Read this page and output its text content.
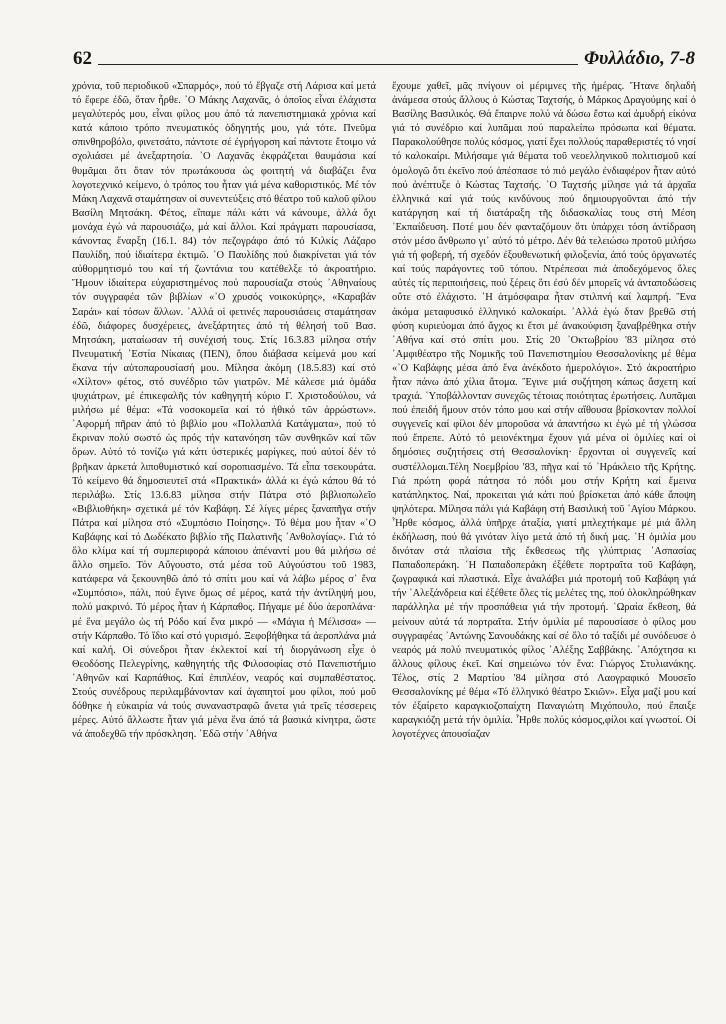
62	Φυλλάδιο, 7-8

χρόνια, τοῦ περιοδικοῦ «Σπαρμός», πού τό ἔβγαζε στή Λάρισα καί μετά τό ἔφερε ἐδῶ, ὅταν ἦρθε. ᾿Ο Μάκης Λαχανᾶς, ὁ ὁποῖος εἶναι ἐλάχιστα μεγαλύτερός μου, εἶναι φίλος μου ἀπό τά πανεπιστημιακά χρόνια καί κατά κάποιο τρόπο πνευματικός ὁδηγητής μου, γιά τότε. Πνεῦμα σπινθηροβόλο, φινετσάτο, πάντοτε σέ ἐγρήγορση καί πάντοτε ἕτοιμο νά σχολιάσει μέ ἀνεξαρτησία. ᾿Ο Λαχανᾶς ἐκφράζεται θαυμάσια καί θυμᾶμαι ὅτι ὅταν τόν πρωτάκουσα ὡς φοιτητή νά διαβάζει ἕνα λογοτεχνικό κείμενο, ὁ τρόπος του ἦταν γιά μένα καθοριστικός. Μέ τόν Μάκη Λαχανᾶ σταμάτησαν οἱ συνεντεύξεις στό θέατρο τοῦ καλοῦ φίλου Βασίλη Μητσάκη. Φέτος, εἴπαμε πάλι κάτι νά κάνουμε, ἀλλά ὅχι μονάχα ἐγώ νά παρουσιάζω, μά καί ἄλλοι. Καί πράγματι παρουσίασα, κάνοντας ἔναρξη (16.1. 84) τόν πεζογράφο ἀπό τό Κιλκίς Λάζαρο Παυλίδη, πού ἰδιαίτερα ἐκτιμῶ. ᾿Ο Παυλίδης πού διακρίνεται γιά τόν αὐθορμητισμό του καί τή ζωντάνια του κατέθελξε τό ἀκροατήριο. Ἤμουν ἰδιαίτερα εὐχαριστημένος πού παρουσίαζα στούς ᾿Αθηναίους τόν συγγραφέα τῶν βιβλίων «᾿Ο χρυσός νοικοκύρης», «Καραβάν Σαράι» καί τόσων ἄλλων. ᾿Αλλά οἱ φετινές παρουσιάσεις σταμάτησαν ἐδῶ, διάφορες δυσχέρειες, ἀνεξάρτητες ἀπό τή θέλησή τοῦ Βασ. Μητσάκη, ματαίωσαν τή συνέχισή τους. Στίς 16.3.83 μίλησα στήν Πνευματική ᾿Εστία Νίκαιας (ΠΕΝ), ὅπου διάβασα κείμενά μου καί ἔκανα τήν αὐτοπαρουσίασή μου. Μίλησα ἀκόμη (18.5.83) καί στό «Χίλτον» φέτος, στό συνέδριο τῶν γιατρῶν. Μέ κάλεσε μιά ὁμάδα ψυχιάτρων, μέ ἐπικεφαλῆς τόν καθηγητή κύριο Γ. Χριστοδούλου, νά μιλήσω μέ θέμα: «Τά νοσοκομεῖα καί τό ἠθικό τῶν ἀρρώστων». ᾿Αφορμή πῆραν ἀπό τό βιβλίο μου «Πολλαπλά Κατάγματα», πού τό ἔκριναν πολύ σωστό ὡς πρός τήν κατανόηση τῶν συνθηκῶν καί τῶν ὅρων. Αὐτό τό τονίζω γιά κάτι ὑστερικές μαρίγκες, πού αὐτοί δέν τό βρῆκαν ἀρκετά λιποθυμιστικό καί σοροπιασμένο. Τά εἶπα τσεκουράτα. Τό κείμενο θά δημοσιευτεῖ στά «Πρακτικά» ἀλλά κι ἐγώ κάπου θά τό περιλάβω. Στίς 13.6.83 μίλησα στήν Πάτρα στό βιβλιοπωλεῖο «Βιβλιοθήκη» σχετικά μέ τόν Καβάφη. Σέ λίγες μέρες ξαναπῆγα στήν Πάτρα καί μίλησα στό «Συμπόσιο Ποίησης». Τό θέμα μου ἦταν «᾿Ο Καβάφης καί τό Δωδέκατο βιβλίο τῆς Παλατινῆς ᾿Ανθολογίας». Γιά τό ὅλο κλίμα καί τή συμπεριφορά κάποιου ἀπέναντί μου θά μιλήσω σέ ἄλλο σημεῖο. Τόν Αὔγουστο, στά μέσα τοῦ Αὐγούστου τοῦ 1983, κατάφερα νά ξεκουνηθῶ ἀπό τό σπίτι μου καί νά λάβω μέρος σ᾿ ἕνα «Συμπόσιο», πάλι, πού ἔγινε ὅμως σέ μέρος, κατά τήν ἀντίληψή μου, πολύ μακρινό. Τό μέρος ἦταν ἡ Κάρπαθος. Πήγαμε μέ δύο ἀεροπλάνα· μέ ἕνα μεγάλο ὡς τή Ρόδο καί ἕνα μικρό — «Μάγια ἡ Μέλισσα» — στήν Κάρπαθο. Τό ἴδιο καί στό γυρισμό. Ξεφοβήθηκα τά ἀεροπλάνα μιά καί καλή. Οἱ σύνεδροι ἦταν ἐκλεκτοί καί τή διοργάνωση εἶχε ὁ Θεοδόσης Πελεγρίνης, καθηγητής τῆς Φιλοσοφίας στό Πανεπιστήμιο ᾿Αθηνῶν καί Καρπάθιος. Καί ἐπιπλέον, νεαρός καί συμπαθέστατος. Στούς συνέδρους περιλαμβάνονταν καί ἀγαπητοί μου φίλοι, πού μοῦ δόθηκε ἡ εὐκαιρία νά τούς συναναστραφῶ ἄνετα γιά τρεῖς τέσσερεις μέρες. Αὐτό ἄλλωστε ἦταν γιά μένα ἕνα ἀπό τά βασικά κίνητρα, ὥστε νά ἀποδεχθῶ τήν πρόσκληση. ᾿Εδῶ στήν ᾿Αθήνα

ἔχουμε χαθεῖ, μᾶς πνίγουν οἱ μέριμνες τῆς ἡμέρας. Ἤτανε δηλαδή ἀνάμεσα στούς ἄλλους ὁ Κώστας Ταχτσής, ὁ Μάρκος Δραγούμης καί ὁ Βασίλης Βασιλικός. Θά ἔπαιρνε πολύ νά δώσω ἔστω καί ἀμυδρή εἰκόνα γιά τό συνέδριο καί λυπᾶμαι πού παραλείπω πρόσωπα καί θέματα. Παρακολούθησε πολύς κόσμος, γιατί ἔχει πολλούς παραθεριστές τό νησί τό καλοκαίρι. Μιλήσαμε γιά θέματα τοῦ νεοελληνικοῦ πολιτισμοῦ καί ὁμολογῶ ὅτι ἐκεῖνο πού ἀπέσπασε τό πιό μεγάλο ἐνδιαφέρον ἦταν αὐτό πού ἀνέπτυξε ὁ Κώστας Ταχτσής. ᾿Ο Ταχτσής μίλησε γιά τά ἀρχαῖα ἑλληνικά καί γιά τούς κινδύνους πού δημιουργοῦνται ἀπό τήν κατάργηση καί τή διατάραξη τῆς διδασκαλίας τους στή Μέση ᾿Εκπαίδευση. Ποτέ μου δέν φανταζόμουν ὅτι ὑπάρχει τόση ἀντίδραση στόν μέσο ἄνθρωπο γι᾿ αὐτό τό μέτρο. Δέν θά τελειώσω προτοῦ μιλήσω γιά τή φοβερή, τή σχεδόν ἐξουθενωτική φιλοξενία, ἀπό τούς ὀργανωτές καί τούς παράγοντες τοῦ τόπου. Ντρέπεσαι πιά ἀποδεχόμενος ὅλες αὐτές τίς περιποιήσεις, πού ξέρεις ὅτι ἐσύ δέν μπορεῖς νά ἀνταποδώσεις οὔτε στό ἐλάχιστο. ῾Η ἀτμόσφαιρα ἦταν στιλπνή καί λαμπρή. Ἕνα ἀκόμα μεταφυσικό ἑλληνικό καλοκαίρι. ᾿Αλλά ἐγώ δταν βρεθῶ στή φύση κυριεύομαι ἀπό ἄγχος κι ἔτσι μέ ἀνακούφιση ξαναβρέθηκα στήν ᾿Αθήνα καί στό σπίτι μου. Στίς 20 ᾿Οκτωβρίου '83 μίλησα στό ᾿Αμφιθέατρο τῆς Νομικῆς τοῦ Πανεπιστημίου Θεσσαλονίκης μέ θέμα «᾿Ο Καβάφης μέσα ἀπό ἕνα ἀνέκδοτο ἡμερολόγιο». Στό ἀκροατήριο ἦταν πάνω ἀπό χίλια ἄτομα. Ἔγινε μιά συζήτηση κάπως ἄσχετη καί τραχιά. ῾Υποβάλλονταν συνεχῶς τέτοιας ποιότητας ἐρωτήσεις. Λυπᾶμαι πού ἐπειδή ἤμουν στόν τόπο μου καί στήν αἴθουσα βρίσκονταν πολλοί συγγενεῖς καί φίλοι δέν μποροῦσα νά ἀπαντήσω κι ἐγώ μέ τή γλώσσα πού ἔπρεπε. Αὐτό τό μειονέκτημα ἔχουν γιά μένα οἱ ὁμιλίες καί οἱ δημόσιες συζητήσεις στή Θεσσαλονίκη· ἔρχονται οἱ συγγενεῖς καί συστέλλομαι.Τέλη Νοεμβρίου '83, πῆγα καί τό ᾿Ηράκλειο τῆς Κρήτης. Γιά πρώτη φορά πάτησα τό πόδι μου στήν Κρήτη καί ἔμεινα κατάπληκτος. Ναί, προκειται γιά κάτι πού βρίσκεται ἀπό κάθε ἄποψη ψηλότερα. Μίλησα πάλι γιά Καβάφη στή Βασιλική τοῦ ῾Αγίου Μάρκου. Ἦρθε κόσμος, ἀλλά ὑπῆρχε ἀταξία, γιατί μπλεχτήκαμε μέ μιά ἄλλη ἐκδήλωση, πού θά γινόταν λίγο μετά ἀπό τή δική μας. ῾Η ὁμιλία μου δινόταν στά πλαίσια τῆς ἔκθεσεως τῆς γλύπτριας ᾿Ασπασίας Παπαδοπεράκη. ῾Η Παπαδοπεράκη ἐξέθετε πορτραῖτα τοῦ Καβάφη, ζωγραφικά καί πλαστικά. Εἶχε ἀναλάβει μιά προτομή τοῦ Καβάφη γιά τήν ᾿Αλεξάνδρεια καί ἐξέθετε ὅλες τίς μελέτες της, πού ὁλοκληρώθηκαν παράλληλα μέ τήν προσπάθεια γιά τήν προτομή. ῾Ωραία ἔκθεση, θά μείνουν αὐτά τά πορτραῖτα. Στήν ὁμιλία μέ παρουσίασε ὁ φίλος μου συγγραφέας ᾿Αντώνης Σανουδάκης καί σέ ὅλο τό ταξίδι μέ συνόδευσε ὁ νεαρός μά πολύ πνευματικός φίλος ᾿Αλέξης Σαββάκης. ᾿Απόχτησα κι ἄλλους φίλους ἐκεῖ. Καί σημειώνω τόν ἕνα: Γιώργος Στυλιανάκης. Τέλος, στίς 2 Μαρτίου '84 μίλησα στό Λαογραφικό Μουσεῖο Θεσσαλονίκης μέ θέμα «Τό ἑλληνικό θέατρο Σκιῶν». Εἶχα μαζί μου καί τόν ἐξαίρετο καραγκιοζοπαίχτη Παναγιώτη Μιχόπουλο, πού ἔπαιξε καραγκιόζη μετά τήν ὁμιλία. Ἦρθε πολύς κόσμος,φίλοι καί γνωστοί. Οἱ λογοτέχνες ἀπουσίαζαν
